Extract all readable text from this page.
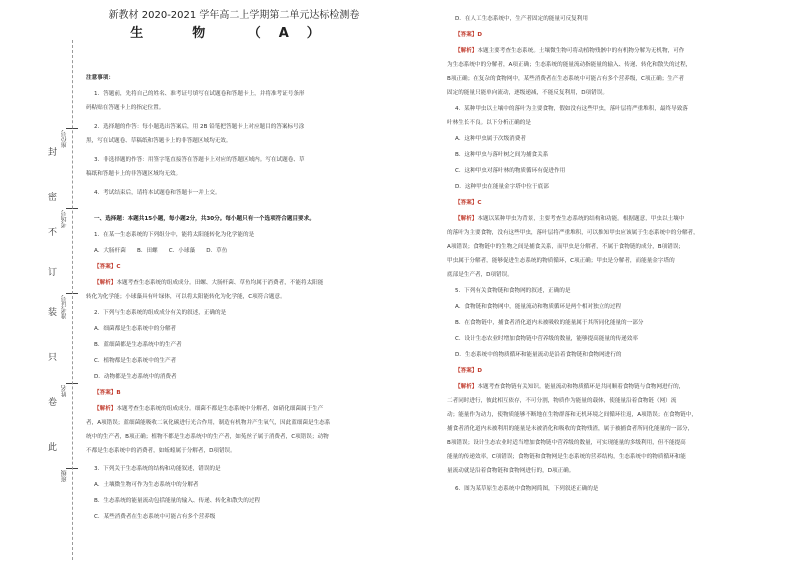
封
密
不
订
装
只
卷
此
座位号
考场号
准考证号
姓名
班级
新教材 2020-2021 学年高二上学期第二单元达标检测卷
生　物　（A）
注意事项：
1．答题前，先将自己的姓名、准考证号填写在试题卷和答题卡上，并将准考证号条形
码粘贴在答题卡上的指定位置。
2．选择题的作答：每小题选出答案后，用 2B 铅笔把答题卡上对应题目的答案标号涂
黑，写在试题卷、草稿纸和答题卡上的非答题区域均无效。
3．非选择题的作答：用签字笔直接答在答题卡上对应的答题区域内。写在试题卷、草
稿纸和答题卡上的非答题区域均无效。
4．考试结束后，请将本试题卷和答题卡一并上交。
一、选择题：本题共15小题，每小题2分，共30分。每小题只有一个选项符合题目要求。
1．在某一生态系统的下列组分中，能将太阳能转化为化学能的是
A．大肠杆菌　　B．田螺　　C．小球藻　　D．草鱼
【答案】C
【解析】本题考查生态系统的组成成分。田螺、大肠杆菌、草鱼均属于消费者，不能将太阳能
转化为化学能；小球藻具有叶绿体，可以将太阳能转化为化学能，C项符合题意。
2．下列与生态系统的组成成分有关的叙述，正确的是
A．细菌都是生态系统中的分解者
B．蓝细菌都是生态系统中的生产者
C．植物都是生态系统中的生产者
D．动物都是生态系统中的消费者
【答案】B
【解析】本题考查生态系统的组成成分。细菌不都是生态系统中分解者，如硝化细菌属于生产
者，A项错误；蓝细菌能吸收二氧化碳进行光合作用，制造有机物并产生氧气，因此蓝细菌是生态系
统中的生产者，B项正确；植物不都是生态系统中的生产者，如菟丝子属于消费者，C项错误；动物
不都是生态系统中的消费者，如蚯蚓属于分解者，D项错误。
3．下列关于生态系统的结构和功能叙述，错误的是
A．土壤微生物可作为生态系统中的分解者
B．生态系统的能量流动包括能量的输入、传递、转化和散失的过程
C．某些消费者在生态系统中可能占有多个营养级
D．在人工生态系统中，生产者固定的能量可反复利用
【答案】D
【解析】本题主要考查生态系统。土壤微生物可将动植物残骸中的有机物分解为无机物，可作
为生态系统中的分解者，A项正确；生态系统的能量流动指能量的输入、传递、转化和散失的过程，
B项正确；在复杂的食物网中，某些消费者在生态系统中可能占有多个营养级，C项正确；生产者
固定的能量只能单向流动，逐级递减，不能反复利用，D项错误。
4．某种甲虫以土壤中的落叶为主要食物，假如没有这些甲虫，落叶层将严重堆积，最终导致落
叶林生长不良。以下分析正确的是
A．这种甲虫属于次级消费者
B．这种甲虫与落叶树之间为捕食关系
C．这种甲虫对落叶林的物质循环有促进作用
D．这种甲虫在能量金字塔中位于底部
【答案】C
【解析】本题以某种甲虫为背景，主要考查生态系统的结构和功能。根据题意，甲虫以土壤中
的落叶为主要食物，没有这些甲虫，落叶层将严重堆积，可以推知甲虫应该属于生态系统中的分解者，
A项错误；食物链中的生物之间是捕食关系，而甲虫是分解者，不属于食物链的成分，B项错误；
甲虫属于分解者，能够促进生态系统的物质循环，C项正确；甲虫是分解者，而能量金字塔的
底部是生产者，D项错误。
5．下列有关食物链和食物网的叙述，正确的是
A．食物链和食物网中，能量流动和物质循环是两个相对独立的过程
B．在食物链中，捕食者消化道内未被吸收的能量属于其所同化能量的一部分
C．设计生态农业时增加食物链中营养级的数量，能够提高能量的传递效率
D．生态系统中的物质循环和能量流动是沿着食物链和食物网进行的
【答案】D
【解析】本题考查食物链有关知识。能量流动和物质循环是共同顺着食物链与食物网进行的，
二者同时进行，彼此相互依存，不可分割，物质作为能量的载体，使能量沿着食物链（网）流
动；能量作为动力，使物质能够不断地在生物群落和无机环境之间循环往返，A项错误；在食物链中，
捕食者消化道内未被利用的能量是未被消化和吸收的食物残渣，属于被捕食者所同化能量的一部分，
B项错误；设计生态农业时适当增加食物链中营养级的数量，可实现能量的多级利用，但不能提高
能量的传递效率，C项错误；食物链和食物网是生态系统的营养结构，生态系统中的物质循环和能
量流动就是沿着食物链和食物网进行的，D项正确。
6．图为某草原生态系统中食物网简图，下列叙述正确的是
